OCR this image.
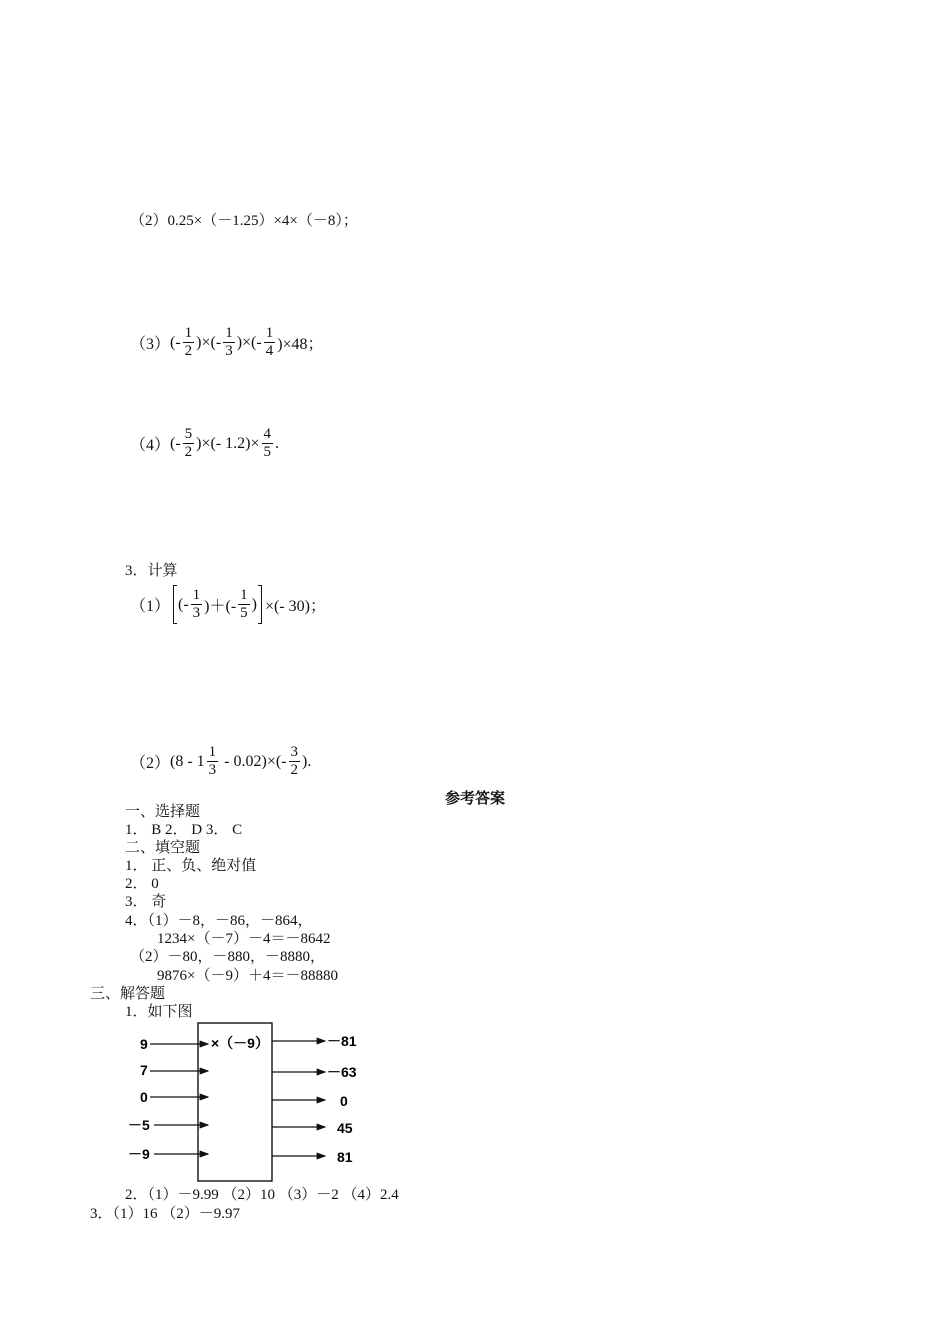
（2）0.25×（－1.25）×4×（－8）；
（3） (- $\frac{1}{2}$ )×(- $\frac{1}{3}$ )×(- $\frac{1}{4} )\times 48$；
（4） (- $\frac{5}{2}$ )×(- $1.2)\times \frac{4}{5}$ .
3．计算
（1） (- $\frac{1}{3}$ )＋(- $\frac{1}{5}$ ) ×(- 30)；
（2） $(8 - 1 \frac{1}{3} - 0.02)\times(- \frac{3}{2}$ ).
参考答案
一、选择题
1． B 2． D 3． C
二、填空题
1． 正、负、绝对值
2． 0
3． 奇
4．（1）－8，－86，－864，
1234×（－7）－4＝－8642
（2）－80，－880，－8880，
9876×（－9）＋4＝－88880
三、解答题
1．如下图
×（－9）
9
7
0
－5
－9
－81
－63
0
45
81
2．（1）－9.99 （2）10 （3）－2 （4）2.4
3．（1）16 （2）－9.97
